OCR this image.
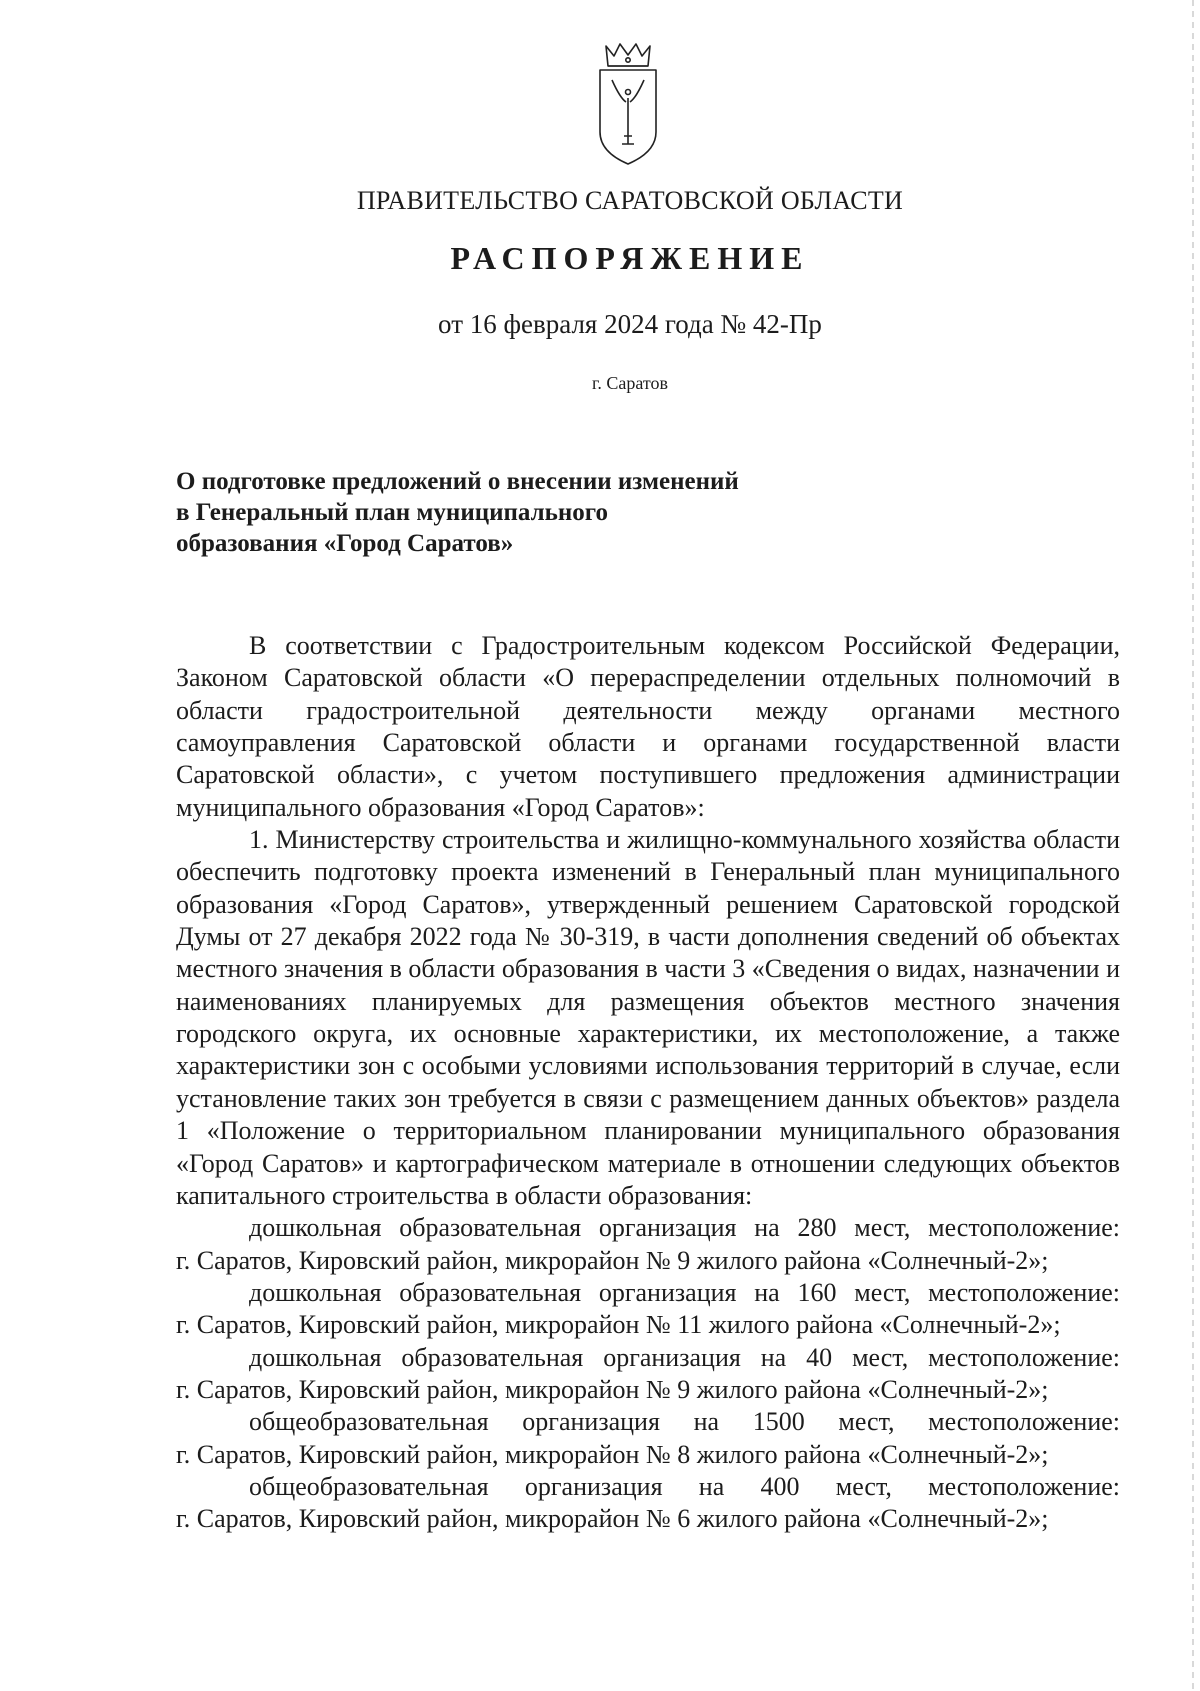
ПРАВИТЕЛЬСТВО САРАТОВСКОЙ ОБЛАСТИ
РАСПОРЯЖЕНИЕ
от 16 февраля 2024 года № 42-Пр
г. Саратов
О подготовке предложений о внесении изменений
в Генеральный план муниципального
образования «Город Саратов»

В соответствии с Градостроительным кодексом Российской Федерации, Законом Саратовской области «О перераспределении отдельных полномочий в области градостроительной деятельности между органами местного самоуправления Саратовской области и органами государственной власти Саратовской области», с учетом поступившего предложения администрации муниципального образования «Город Саратов»:

1. Министерству строительства и жилищно-коммунального хозяйства области обеспечить подготовку проекта изменений в Генеральный план муниципального образования «Город Саратов», утвержденный решением Саратовской городской Думы от 27 декабря 2022 года № 30-319, в части дополнения сведений об объектах местного значения в области образования в части 3 «Сведения о видах, назначении и наименованиях планируемых для размещения объектов местного значения городского округа, их основные характеристики, их местоположение, а также характеристики зон с особыми условиями использования территорий в случае, если установление таких зон требуется в связи с размещением данных объектов» раздела 1 «Положение о территориальном планировании муниципального образования «Город Саратов» и картографическом материале в отношении следующих объектов капитального строительства в области образования:

дошкольная образовательная организация на 280 мест, местоположение:

г. Саратов, Кировский район, микрорайон № 9 жилого района «Солнечный-2»;

дошкольная образовательная организация на 160 мест, местоположение:

г. Саратов, Кировский район, микрорайон № 11 жилого района «Солнечный-2»;

дошкольная образовательная организация на 40 мест, местоположение:

г. Саратов, Кировский район, микрорайон № 9 жилого района «Солнечный-2»;

общеобразовательная организация на 1500 мест, местоположение:

г. Саратов, Кировский район, микрорайон № 8 жилого района «Солнечный-2»;

общеобразовательная организация на 400 мест, местоположение:

г. Саратов, Кировский район, микрорайон № 6 жилого района «Солнечный-2»;
